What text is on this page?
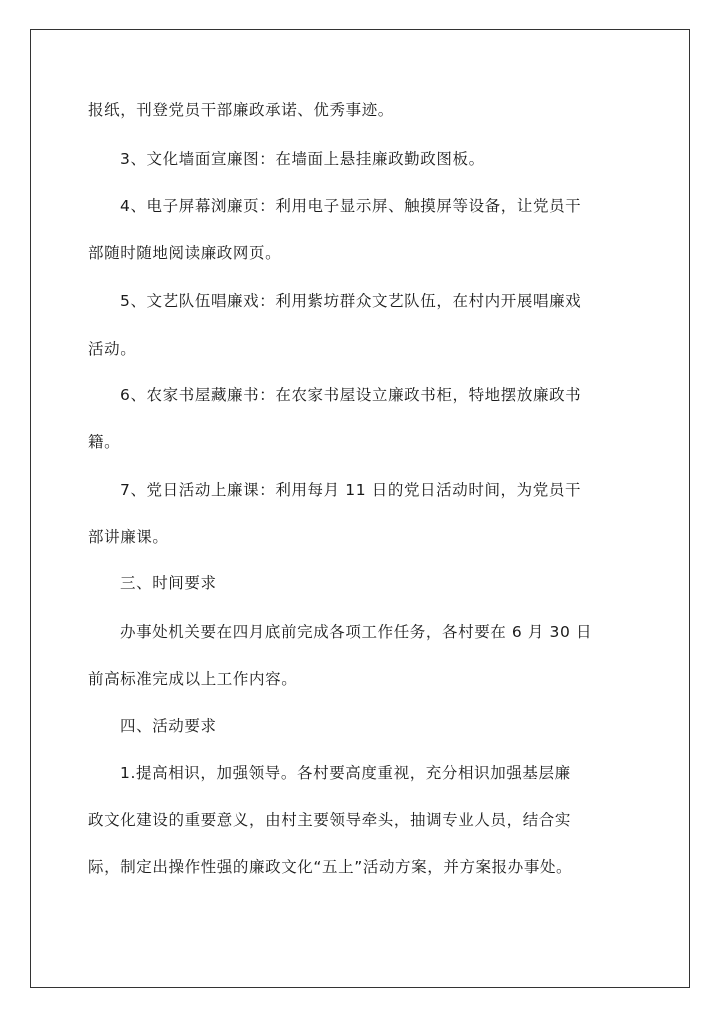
报纸，刊登党员干部廉政承诺、优秀事迹。
3、文化墙面宣廉图：在墙面上悬挂廉政勤政图板。
4、电子屏幕浏廉页：利用电子显示屏、触摸屏等设备，让党员干
部随时随地阅读廉政网页。
5、文艺队伍唱廉戏：利用紫坊群众文艺队伍，在村内开展唱廉戏
活动。
6、农家书屋藏廉书：在农家书屋设立廉政书柜，特地摆放廉政书
籍。
7、党日活动上廉课：利用每月 11 日的党日活动时间，为党员干
部讲廉课。
三、时间要求
办事处机关要在四月底前完成各项工作任务，各村要在 6 月 30 日
前高标准完成以上工作内容。
四、活动要求
1.提高相识，加强领导。各村要高度重视，充分相识加强基层廉
政文化建设的重要意义，由村主要领导牵头，抽调专业人员，结合实
际，制定出操作性强的廉政文化“五上”活动方案，并方案报办事处。
